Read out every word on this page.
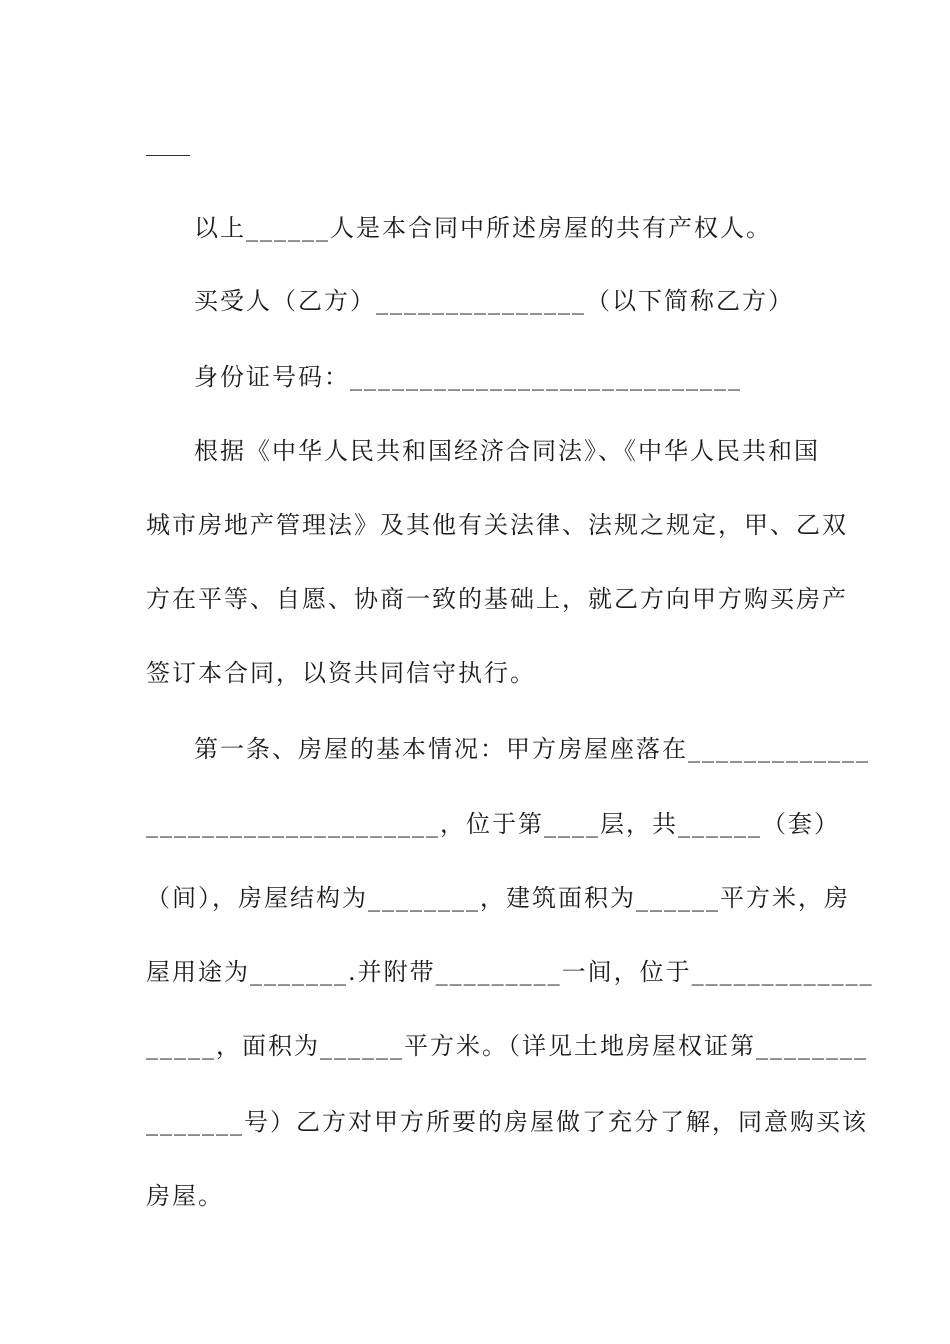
以上______人是本合同中所述房屋的共有产权人。
买受人（乙方）_______________（以下简称乙方）
身份证号码：____________________________
根据《中华人民共和国经济合同法》、《中华人民共和国
城市房地产管理法》及其他有关法律、法规之规定，甲、乙双
方在平等、自愿、协商一致的基础上，就乙方向甲方购买房产
签订本合同，以资共同信守执行。
第一条、房屋的基本情况：甲方房屋座落在_____________
_____________________，位于第____层，共______（套）
（间），房屋结构为________，建筑面积为______平方米，房
屋用途为_______.并附带_________一间，位于_____________
_____，面积为______平方米。（详见土地房屋权证第________
_______号）乙方对甲方所要的房屋做了充分了解，同意购买该
房屋。
